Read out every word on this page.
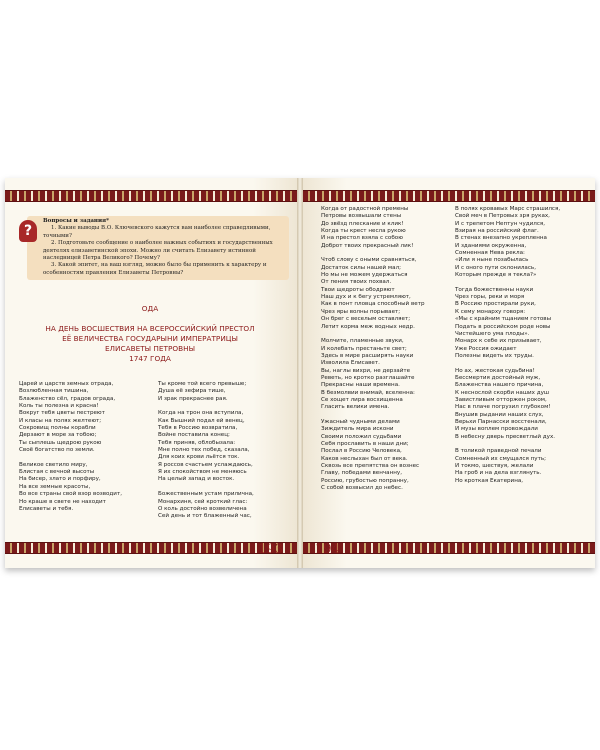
?
Вопросы и задания*
1. Какие выводы В.О. Ключевского кажутся вам наиболее справедливыми, точными?
2. Подготовьте сообщение о наиболее важных событиях и государственных деятелях елизаветинской эпохи. Можно ли считать Елизавету истинной наследницей Петра Великого? Почему?
3. Какой эпитет, на ваш взгляд, можно было бы применить к характеру и особенностям правления Елизаветы Петровны?
ОДА
НА ДЕНЬ ВОСШЕСТВИЯ НА ВСЕРОССИЙСКИЙ ПРЕСТОЛ
ЕЁ ВЕЛИЧЕСТВА ГОСУДАРЫНИ ИМПЕРАТРИЦЫ
ЕЛИСАВЕТЫ ПЕТРОВНЫ
1747 ГОДА
Царей и царств земных отрада,
Возлюбленная тишина,
Блаженство сёл, градов ограда,
Коль ты полезна и красна!
Вокруг тебя цветы пестреют
И класы на полях желтеют;
Сокровищ полны корабли
Дерзают в море за тобою;
Ты сыплешь щедрою рукою
Своё богатство по земли.
Великое светило миру,
Блистая с вечной высоты
На бисер, злато и порфиру,
На все земные красоты,
Во все страны свой взор возводит,
Но краше в свете не находит
Елисаветы и тебя.
Ты кроме той всего превыше;
Душа её зефира тише,
И зрак прекраснее рая.
Когда на трон она вступила,
Как Вышний подал ей венец,
Тебя в Россию возвратила,
Войне поставила конец;
Тебя приняв, облобызала:
Мне полно тех побед, сказала,
Для коих крови льётся ток.
Я россов счастьем услаждаюсь,
Я их спокойством не меняюсь
На целый запад и восток.
Божественным устам прилична,
Монархиня, сей кроткий глас:
О коль достойно возвеличена
Сей день и тот блаженный час,
193
Когда от радостной премены
Петровы возвышали стены
До звёзд плескание и клик!
Когда ты крест несла рукою
И на престол взяла с собою
Доброт твоих прекрасный лик!
Чтоб слову с оными сравняться,
Достаток силы нашей мал;
Но мы не можем удержаться
От пения твоих похвал.
Твои щедроты ободряют
Наш дух и к бегу устремляют,
Как в понт пловца способный ветр
Чрез яры волны порывает;
Он брег с веселым оставляет;
Летит корма меж водных недр.
Молчите, пламенные звуки,
И колебать престаньте свет;
Здесь в мире расширять науки
Изволила Елисавет.
Вы, наглы вихри, не дерзайте
Реветь, но кротко разглашайте
Прекрасны наши времена.
В безмолвии внимай, вселенна:
Се хощет лира восхищенна
Гласить велики имена.
Ужасный чудными делами
Зиждитель мира искони
Своими положил судьбами
Себя прославить в наши дни;
Послал в Россию Человека,
Каков неслыхан был от века.
Сквозь все препятства он вознес
Главу, победами венчанну,
Россию, грубостью попранну,
С собой возвысил до небес.
В полях кровавых Марс страшился,
Свой меч в Петровых зря руках,
И с трепетом Нептун чудился,
Взирая на российский флаг.
В стенах внезапно укрепленна
И зданиями окруженна,
Сомненная Нева рекла:
«Или я ныне позабылась
И с оного пути склонилась,
Которым прежде я текла?»
Тогда божественны науки
Чрез горы, реки и моря
В Россию простирали руки,
К сему монарху говоря:
«Мы с крайним тщанием готовы
Подать в российском роде новы
Чистейшего ума плоды».
Монарх к себе их призывает,
Уже Россия ожидает
Полезны видеть их труды.
Но ах, жестокая судьбина!
Бессмертия достойный муж,
Блаженства нашего причина,
К неснослой скорби наших душ
Завистливым отторжен роком,
Нас в плаче погрузил глубоком!
Внушив рыдании наших слух,
Верьхи Парнасски восстенали,
И музы воплем провождали
В небесну дверь пресветлый дух.
В толикой праведной печали
Сомненный их смущался путь;
И токмо, шествуя, желали
На гроб и на дела взглянуть.
Но кроткая Екатерина,
194
